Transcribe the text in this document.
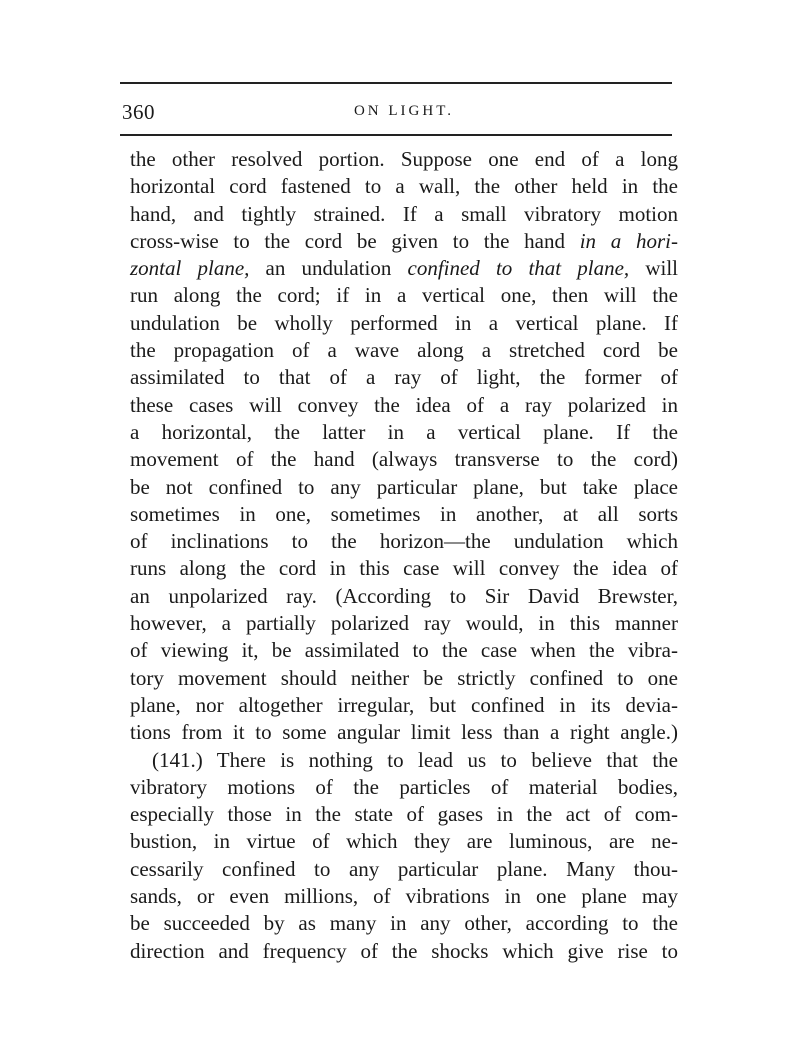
360	ON LIGHT.
the other resolved portion. Suppose one end of a long
horizontal cord fastened to a wall, the other held in the
hand, and tightly strained. If a small vibratory motion
cross-wise to the cord be given to the hand in a hori-
zontal plane, an undulation confined to that plane, will
run along the cord; if in a vertical one, then will the
undulation be wholly performed in a vertical plane. If
the propagation of a wave along a stretched cord be
assimilated to that of a ray of light, the former of
these cases will convey the idea of a ray polarized in
a horizontal, the latter in a vertical plane. If the
movement of the hand (always transverse to the cord)
be not confined to any particular plane, but take place
sometimes in one, sometimes in another, at all sorts
of inclinations to the horizon—the undulation which
runs along the cord in this case will convey the idea of
an unpolarized ray. (According to Sir David Brewster,
however, a partially polarized ray would, in this manner
of viewing it, be assimilated to the case when the vibra-
tory movement should neither be strictly confined to one
plane, nor altogether irregular, but confined in its devia-
tions from it to some angular limit less than a right angle.)
(141.) There is nothing to lead us to believe that the
vibratory motions of the particles of material bodies,
especially those in the state of gases in the act of com-
bustion, in virtue of which they are luminous, are ne-
cessarily confined to any particular plane. Many thou-
sands, or even millions, of vibrations in one plane may
be succeeded by as many in any other, according to the
direction and frequency of the shocks which give rise to
